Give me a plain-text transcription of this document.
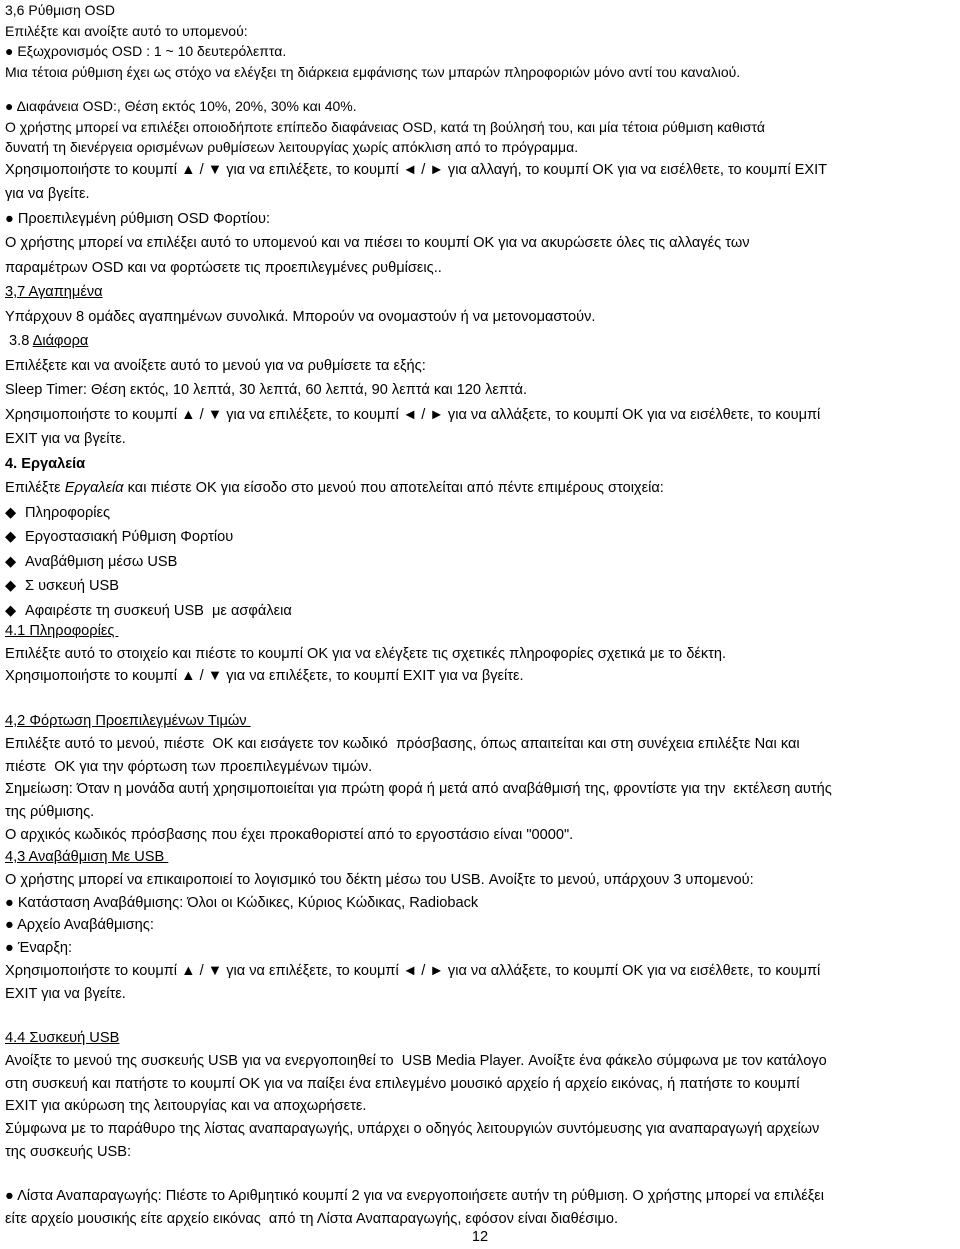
3,6 Ρύθμιση OSD
Επιλέξτε και ανοίξτε αυτό το υπομενού:
● Εξωχρονισμός OSD : 1 ~ 10 δευτερόλεπτα.
Μια τέτοια ρύθμιση έχει ως στόχο να ελέγξει τη διάρκεια εμφάνισης των μπαρών πληροφοριών μόνο αντί του καναλιού.
● Διαφάνεια OSD:, Θέση εκτός 10%, 20%, 30% και 40%.
Ο χρήστης μπορεί να επιλέξει οποιοδήποτε επίπεδο διαφάνειας OSD, κατά τη βούλησή του, και μία τέτοια ρύθμιση καθιστά
δυνατή τη διενέργεια ορισμένων ρυθμίσεων λειτουργίας χωρίς απόκλιση από το πρόγραμμα.
Χρησιμοποιήστε το κουμπί ▲ / ▼ για να επιλέξετε, το κουμπί ◄ / ► για αλλαγή, το κουμπί OK για να εισέλθετε, το κουμπί EXIT
για να βγείτε.
● Προεπιλεγμένη ρύθμιση OSD Φορτίου:
Ο χρήστης μπορεί να επιλέξει αυτό το υπομενού και να πιέσει το κουμπί OK για να ακυρώσετε όλες τις αλλαγές των
παραμέτρων OSD και να φορτώσετε τις προεπιλεγμένες ρυθμίσεις..
3,7 Αγαπημένα
Υπάρχουν 8 ομάδες αγαπημένων συνολικά. Μπορούν να ονομαστούν ή να μετονομαστούν.
3.8 Διάφορα
Επιλέξετε και να ανοίξετε αυτό το μενού για να ρυθμίσετε τα εξής:
Sleep Timer: Θέση εκτός, 10 λεπτά, 30 λεπτά, 60 λεπτά, 90 λεπτά και 120 λεπτά.
Χρησιμοποιήστε το κουμπί ▲ / ▼ για να επιλέξετε, το κουμπί ◄ / ► για να αλλάξετε, το κουμπί OK για να εισέλθετε, το κουμπί
EXIT για να βγείτε.
4. Εργαλεία
Επιλέξτε Εργαλεία και πιέστε OK για είσοδο στο μενού που αποτελείται από πέντε επιμέρους στοιχεία:
◆ Πληροφορίες
◆ Εργοστασιακή Ρύθμιση Φορτίου
◆ Αναβάθμιση μέσω USB
◆ Σ υσκευή USB
◆ Αφαιρέστε τη συσκευή USB  με ασφάλεια
4.1 Πληροφορίες
Επιλέξτε αυτό το στοιχείο και πιέστε το κουμπί OK για να ελέγξετε τις σχετικές πληροφορίες σχετικά με το δέκτη.
Χρησιμοποιήστε το κουμπί ▲ / ▼ για να επιλέξετε, το κουμπί EXIT για να βγείτε.
4,2 Φόρτωση Προεπιλεγμένων Τιμών
Επιλέξτε αυτό το μενού, πιέστε  OK και εισάγετε τον κωδικό  πρόσβασης, όπως απαιτείται και στη συνέχεια επιλέξτε Ναι και
πιέστε  OK για την φόρτωση των προεπιλεγμένων τιμών.
Σημείωση: Όταν η μονάδα αυτή χρησιμοποιείται για πρώτη φορά ή μετά από αναβάθμισή της, φροντίστε για την  εκτέλεση αυτής
της ρύθμισης.
Ο αρχικός κωδικός πρόσβασης που έχει προκαθοριστεί από το εργοστάσιο είναι "0000".
4,3 Αναβάθμιση Με USB
Ο χρήστης μπορεί να επικαιροποιεί το λογισμικό του δέκτη μέσω του USB. Ανοίξτε το μενού, υπάρχουν 3 υπομενού:
● Κατάσταση Αναβάθμισης: Όλοι οι Κώδικες, Κύριος Κώδικας, Radioback
● Αρχείο Αναβάθμισης:
● Έναρξη:
Χρησιμοποιήστε το κουμπί ▲ / ▼ για να επιλέξετε, το κουμπί ◄ / ► για να αλλάξετε, το κουμπί OK για να εισέλθετε, το κουμπί
EXIT για να βγείτε.
4.4 Συσκευή USB
Ανοίξτε το μενού της συσκευής USB για να ενεργοποιηθεί το  USB Media Player. Ανοίξτε ένα φάκελο σύμφωνα με τον κατάλογο
στη συσκευή και πατήστε το κουμπί OK για να παίξει ένα επιλεγμένο μουσικό αρχείο ή αρχείο εικόνας, ή πατήστε το κουμπί
EXIT για ακύρωση της λειτουργίας και να αποχωρήσετε.
Σύμφωνα με το παράθυρο της λίστας αναπαραγωγής, υπάρχει ο οδηγός λειτουργιών συντόμευσης για αναπαραγωγή αρχείων
της συσκευής USB:
● Λίστα Αναπαραγωγής: Πιέστε το Αριθμητικό κουμπί 2 για να ενεργοποιήσετε αυτήν τη ρύθμιση. Ο χρήστης μπορεί να επιλέξει
είτε αρχείο μουσικής είτε αρχείο εικόνας  από τη Λίστα Αναπαραγωγής, εφόσον είναι διαθέσιμο.
12
